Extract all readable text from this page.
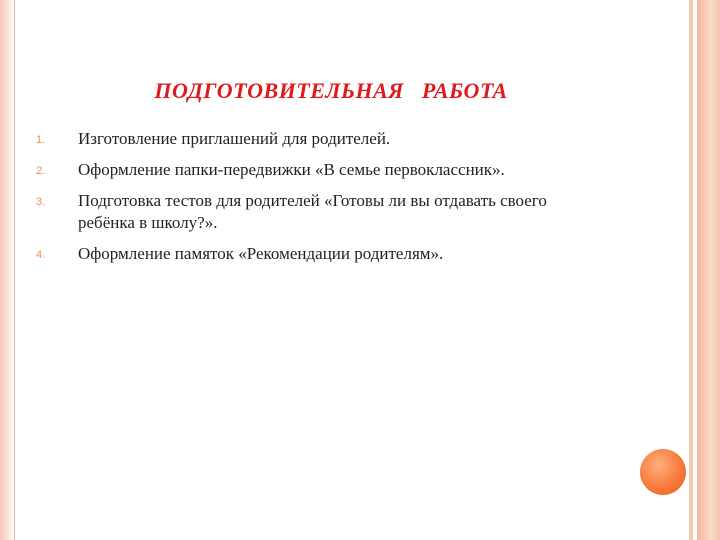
ПОДГОТОВИТЕЛЬНАЯ   РАБОТА
1.	Изготовление приглашений для родителей.
2.	Оформление папки-передвижки «В семье первоклассник».
3.	Подготовка тестов для родителей «Готовы ли вы отдавать своего ребёнка в школу?».
4.	Оформление памяток «Рекомендации родителям».
